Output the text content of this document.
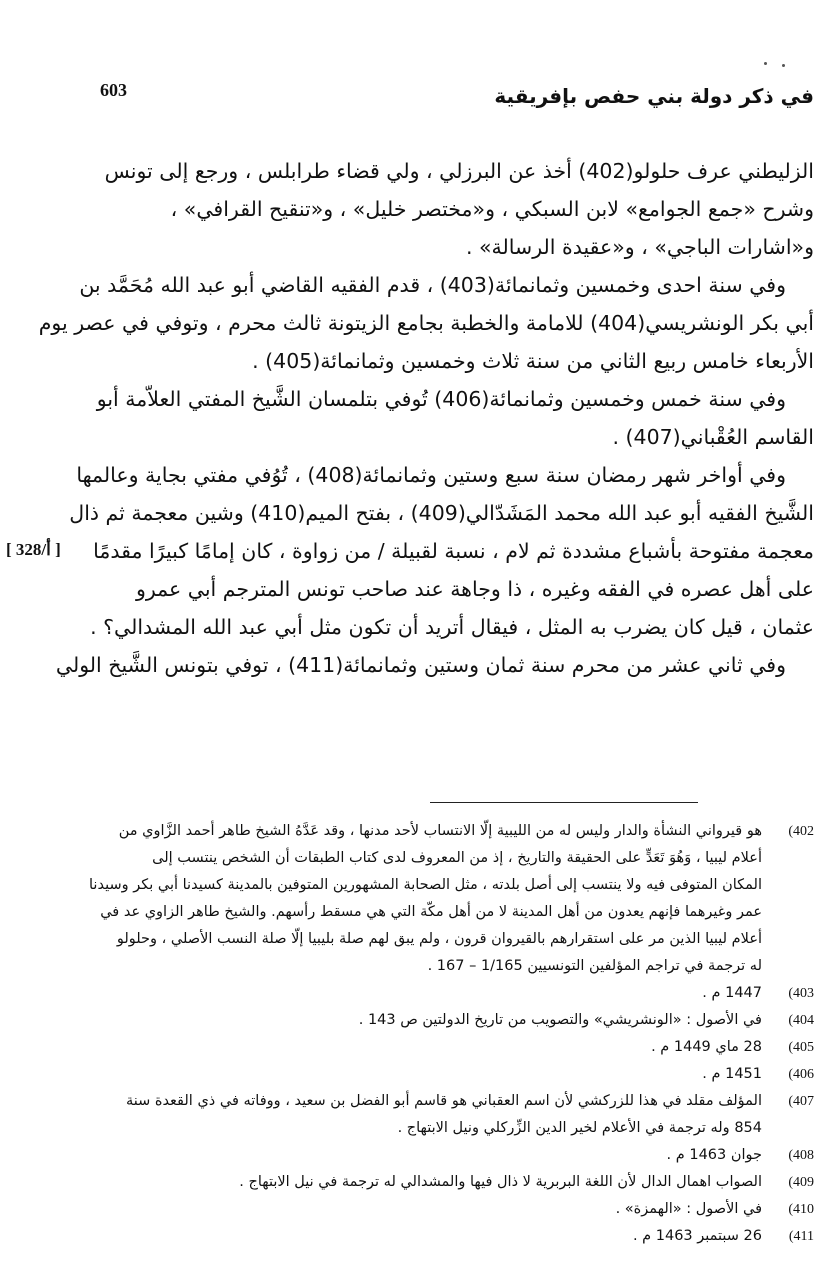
603	في ذكر دولة بني حفص بإفريقية
الزليطني عرف حلولو(402) أخذ عن البرزلي ، ولي قضاء طرابلس ، ورجع إلى تونس
وشرح «جمع الجوامع» لابن السبكي ، و«مختصر خليل» ، و«تنقيح القرافي» ،
و«اشارات الباجي» ، و«عقيدة الرسالة» .
وفي سنة احدى وخمسين وثمانمائة(403) ، قدم الفقيه القاضي أبو عبد الله مُحَمَّد بن
أبي بكر الونشريسي(404) للامامة والخطبة بجامع الزيتونة ثالث محرم ، وتوفي في عصر يوم
الأربعاء خامس ربيع الثاني من سنة ثلاث وخمسين وثمانمائة(405) .
وفي سنة خمس وخمسين وثمانمائة(406) تُوفي بتلمسان الشَّيخ المفتي العلاّمة أبو
القاسم العُقْباني(407) .
وفي أواخر شهر رمضان سنة سبع وستين وثمانمائة(408) ، تُوُفي مفتي بجاية وعالمها
الشَّيخ الفقيه أبو عبد الله محمد المَشَدّالي(409) ، بفتح الميم(410) وشين معجمة ثم ذال
معجمة مفتوحة بأشباع مشددة ثم لام ، نسبة لقبيلة / من زواوة ، كان إمامًا كبيرًا مقدمًا
على أهل عصره في الفقه وغيره ، ذا وجاهة عند صاحب تونس المترجم أبي عمرو
عثمان ، قيل كان يضرب به المثل ، فيقال أتريد أن تكون مثل أبي عبد الله المشدالي؟ .
وفي ثاني عشر من محرم سنة ثمان وستين وثمانمائة(411) ، توفي بتونس الشَّيخ الولي
[ 328/أ ]
(402
هو قيرواني النشأة والدار وليس له من الليبية إلّا الانتساب لأحد مدنها ، وقد عَدَّهُ الشيخ طاهر أحمد الزَّاوي من
أعلام ليبيا ، وَهُوَ تَعَدٍّ على الحقيقة والتاريخ ، إذ من المعروف لدى كتاب الطبقات أن الشخص ينتسب إلى
المكان المتوفى فيه ولا ينتسب إلى أصل بلدته ، مثل الصحابة المشهورين المتوفين بالمدينة كسيدنا أبي بكر وسيدنا
عمر وغيرهما فإنهم يعدون من أهل المدينة لا من أهل مكّة التي هي مسقط رأسهم. والشيخ طاهر الزاوي عد في
أعلام ليبيا الذين مر على استقرارهم بالقيروان قرون ، ولم يبق لهم صلة بليبيا إلّا صلة النسب الأصلي ، وحلولو
له ترجمة في تراجم المؤلفين التونسيين 1/165 – 167 .
(403
1447 م .
(404
في الأصول : «الونشريشي» والتصويب من تاريخ الدولتين ص 143 .
(405
28 ماي 1449 م .
(406
1451 م .
(407
المؤلف مقلد في هذا للزركشي لأن اسم العقباني هو قاسم أبو الفضل بن سعيد ، ووفاته في ذي القعدة سنة
854 وله ترجمة في الأعلام لخير الدين الزِّركلي ونيل الابتهاج .
(408
جوان 1463 م .
(409
الصواب اهمال الدال لأن اللغة البربرية لا ذال فيها والمشدالي له ترجمة في نيل الابتهاج .
(410
في الأصول : «الهمزة» .
(411
26 سبتمبر 1463 م .
